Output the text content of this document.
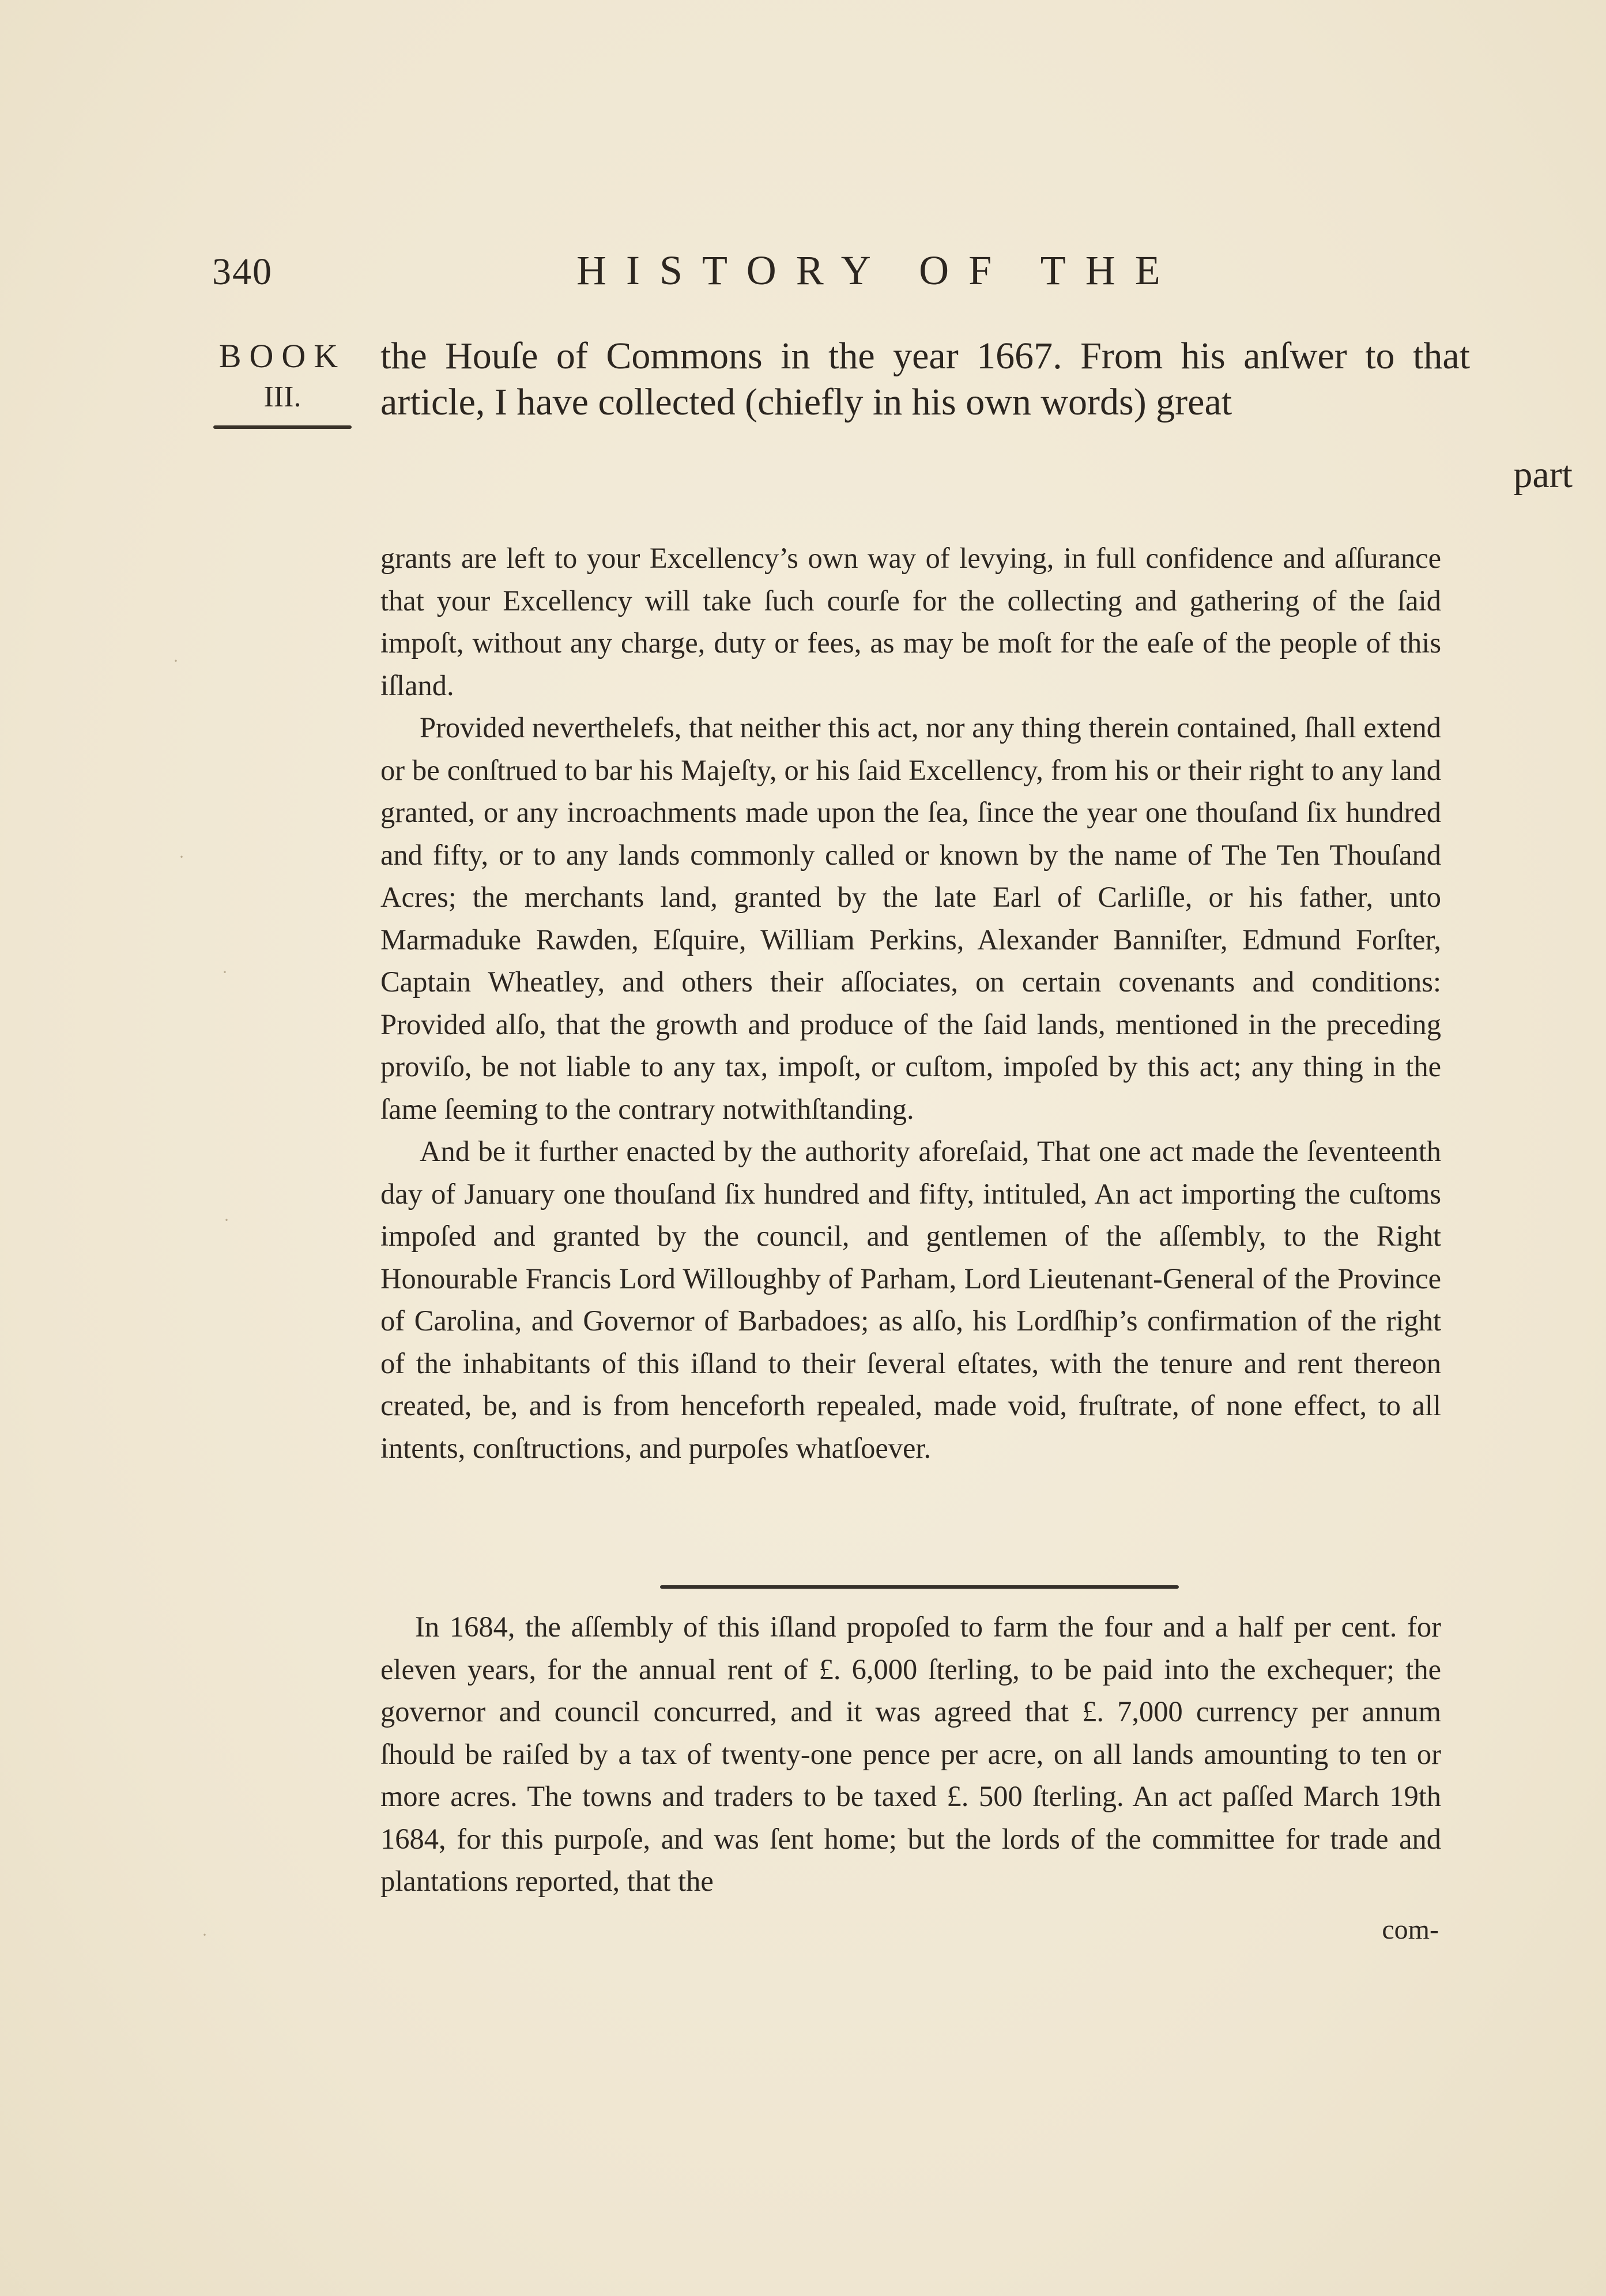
340	HISTORY OF THE
BOOK
III.

the Houſe of Commons in the year 1667. From his anſwer to that article, I have collected (chiefly in his own words) great

part

grants are left to your Excellency’s own way of levying, in full confidence and aſſurance that your Excellency will take ſuch courſe for the collecting and gathering of the ſaid impoſt, without any charge, duty or fees, as may be moſt for the eaſe of the people of this iſland.

Provided neverthelefs, that neither this act, nor any thing therein contained, ſhall extend or be conſtrued to bar his Majeſty, or his ſaid Excellency, from his or their right to any land granted, or any incroachments made upon the ſea, ſince the year one thouſand ſix hundred and fifty, or to any lands commonly called or known by the name of The Ten Thouſand Acres; the merchants land, granted by the late Earl of Carliſle, or his father, unto Marmaduke Rawden, Eſquire, William Perkins, Alexander Banniſter, Edmund Forſter, Captain Wheatley, and others their aſſociates, on certain covenants and conditions: Provided alſo, that the growth and produce of the ſaid lands, mentioned in the preceding proviſo, be not liable to any tax, impoſt, or cuſtom, impoſed by this act; any thing in the ſame ſeeming to the contrary notwithſtanding.

And be it further enacted by the authority aforeſaid, That one act made the ſeventeenth day of January one thouſand ſix hundred and fifty, intituled, An act importing the cuſtoms impoſed and granted by the council, and gentlemen of the aſſembly, to the Right Honourable Francis Lord Willoughby of Parham, Lord Lieutenant-General of the Province of Carolina, and Governor of Barbadoes; as alſo, his Lordſhip’s confirmation of the right of the inhabitants of this iſland to their ſeveral eſtates, with the tenure and rent thereon created, be, and is from henceforth repealed, made void, fruſtrate, of none effect, to all intents, conſtructions, and purpoſes whatſoever.

In 1684, the aſſembly of this iſland propoſed to farm the four and a half per cent. for eleven years, for the annual rent of £. 6,000 ſterling, to be paid into the exchequer; the governor and council concurred, and it was agreed that £. 7,000 currency per annum ſhould be raiſed by a tax of twenty-one pence per acre, on all lands amounting to ten or more acres. The towns and traders to be taxed £. 500 ſterling. An act paſſed March 19th 1684, for this purpoſe, and was ſent home; but the lords of the committee for trade and plantations reported, that the

com-
·
·
·
·
·
